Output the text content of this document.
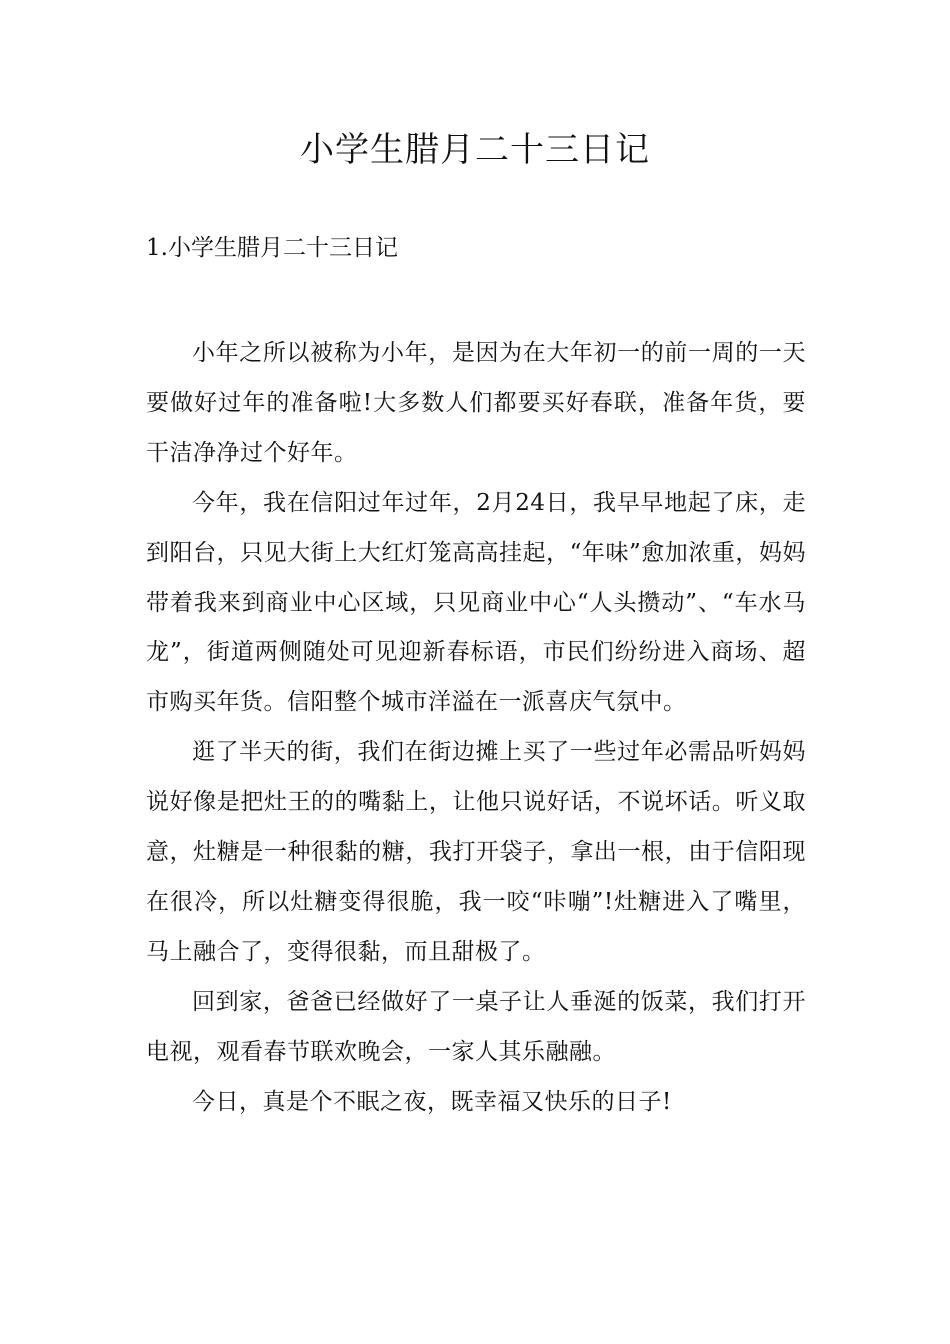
小学生腊月二十三日记
1.小学生腊月二十三日记

小年之所以被称为小年，是因为在大年初一的前一周的一天要做好过年的准备啦!大多数人们都要买好春联，准备年货，要干洁净净过个好年。

今年，我在信阳过年过年，2月24日，我早早地起了床，走到阳台，只见大街上大红灯笼高高挂起，“年味”愈加浓重，妈妈带着我来到商业中心区域，只见商业中心“人头攒动”、“车水马龙”，街道两侧随处可见迎新春标语，市民们纷纷进入商场、超市购买年货。信阳整个城市洋溢在一派喜庆气氛中。

逛了半天的街，我们在街边摊上买了一些过年必需品听妈妈说好像是把灶王的的嘴黏上，让他只说好话，不说坏话。听义取意，灶糖是一种很黏的糖，我打开袋子，拿出一根，由于信阳现在很冷，所以灶糖变得很脆，我一咬“咔嘣”!灶糖进入了嘴里，马上融合了，变得很黏，而且甜极了。

回到家，爸爸已经做好了一桌子让人垂涎的饭菜，我们打开电视，观看春节联欢晚会，一家人其乐融融。

今日，真是个不眠之夜，既幸福又快乐的日子!
